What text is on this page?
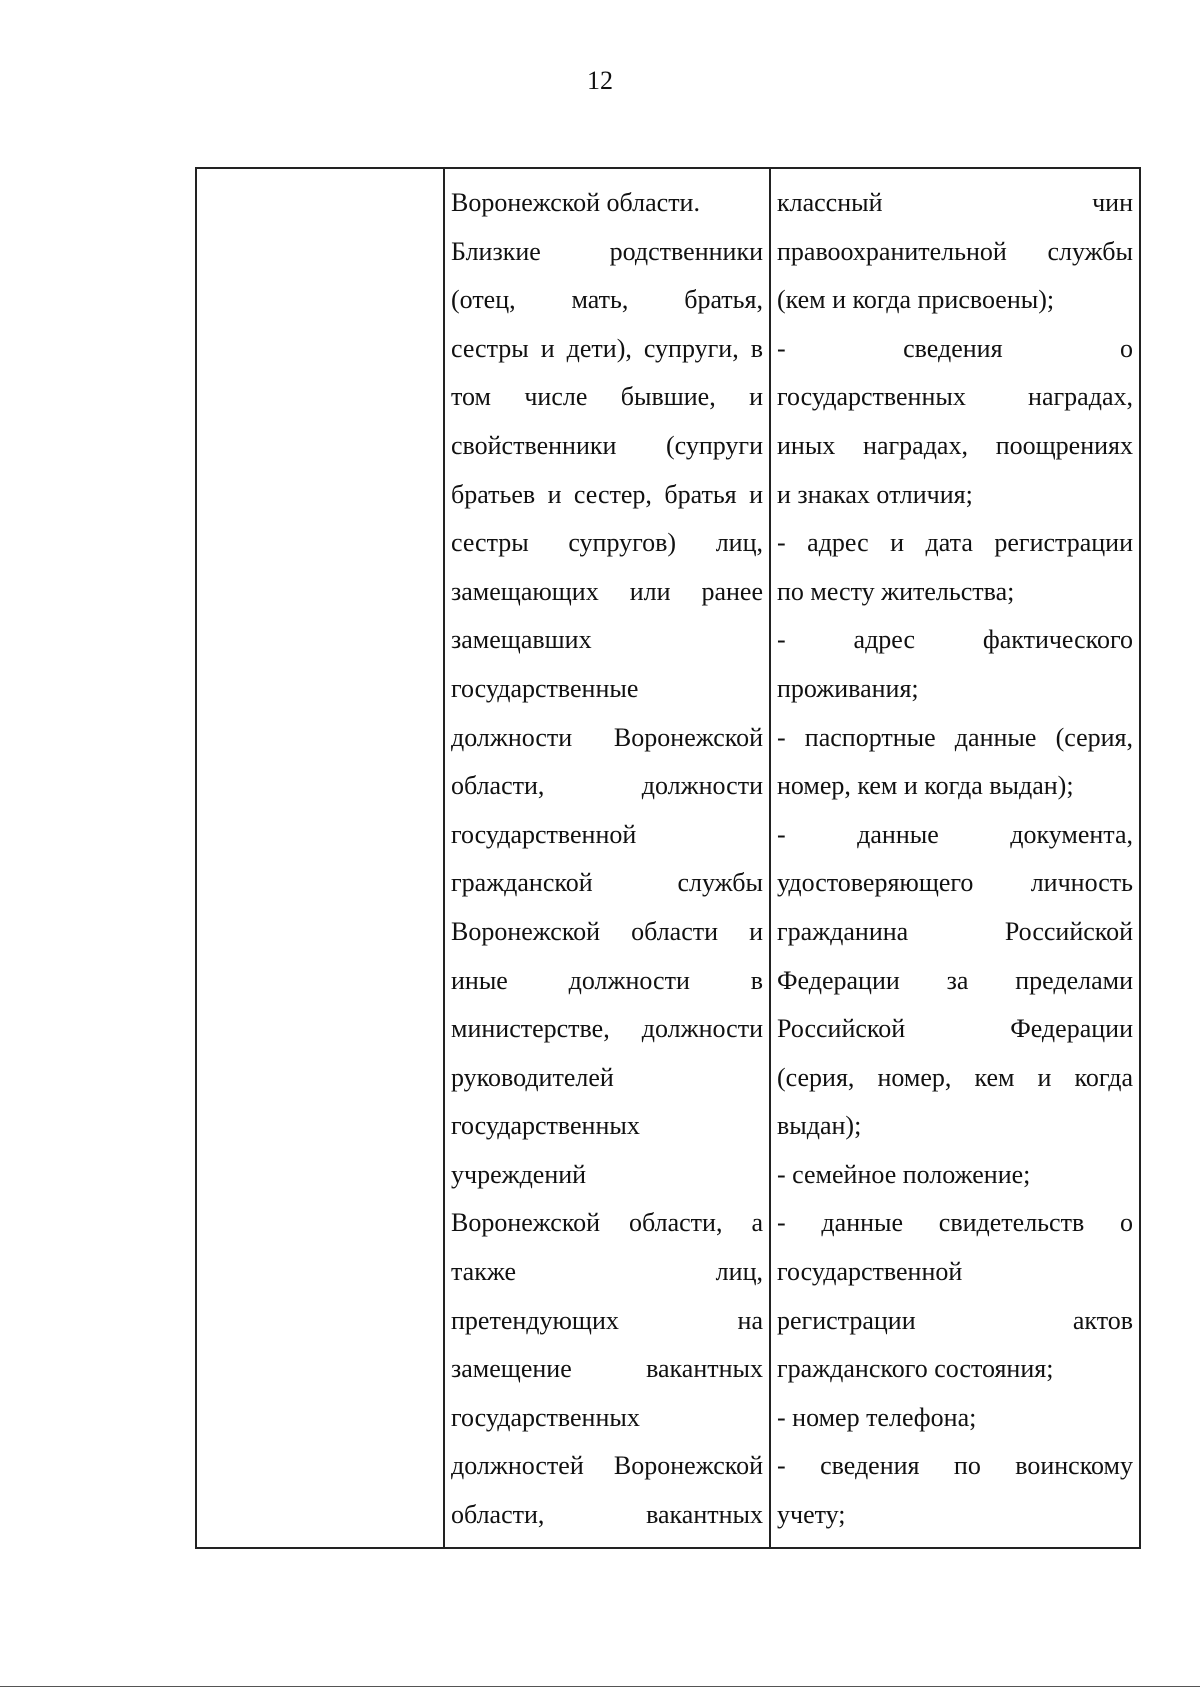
12
Воронежской области.
Близкие родственники
(отец, мать, братья,
сестры и дети), супруги, в
том числе бывшие, и
свойственники (супруги
братьев и сестер, братья и
сестры супругов) лиц,
замещающих или ранее
замещавших
государственные
должности Воронежской
области, должности
государственной
гражданской службы
Воронежской области и
иные должности в
министерстве, должности
руководителей
государственных
учреждений
Воронежской области, а
также лиц,
претендующих на
замещение вакантных
государственных
должностей Воронежской
области, вакантных
классный чин
правоохранительной службы
(кем и когда присвоены);
- сведения о
государственных наградах,
иных наградах, поощрениях
и знаках отличия;
- адрес и дата регистрации
по месту жительства;
- адрес фактического
проживания;
- паспортные данные (серия,
номер, кем и когда выдан);
- данные документа,
удостоверяющего личность
гражданина Российской
Федерации за пределами
Российской Федерации
(серия, номер, кем и когда
выдан);
- семейное положение;
- данные свидетельств о
государственной
регистрации актов
гражданского состояния;
- номер телефона;
- сведения по воинскому
учету;
